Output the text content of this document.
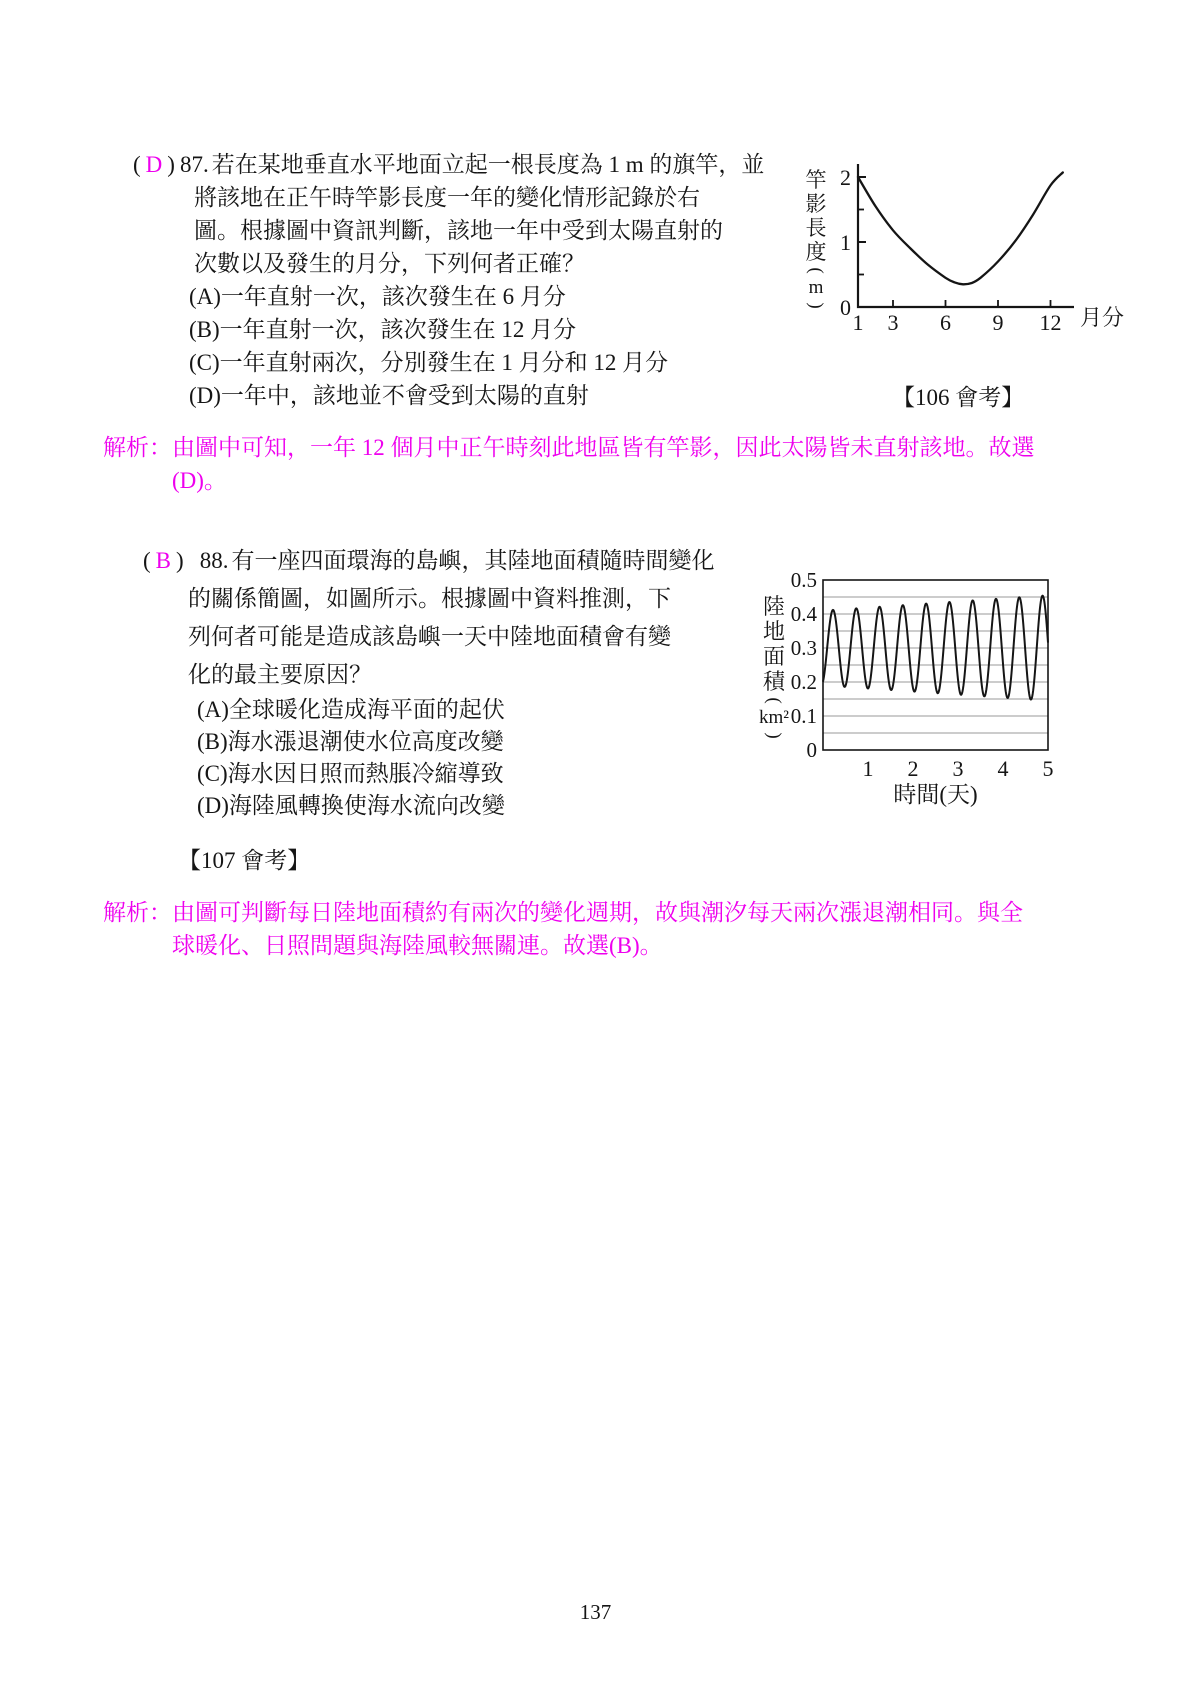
( D ) 87. 若在某地垂直水平地面立起一根長度為 1 m 的旗竿，並
將該地在正午時竿影長度一年的變化情形記錄於右
圖。根據圖中資訊判斷，該地一年中受到太陽直射的
次數以及發生的月分，下列何者正確？
(A)一年直射一次，該次發生在 6 月分
(B)一年直射一次，該次發生在 12 月分
(C)一年直射兩次，分別發生在 1 月分和 12 月分
(D)一年中，該地並不會受到太陽的直射	【106 會考】
竿
影
長
度
(
m
) 0
1
2
1 3 6 9 12 月分
解析：由圖中可知，一年 12 個月中正午時刻此地區皆有竿影，因此太陽皆未直射該地。故選
(D)。
( B ) 88. 有一座四面環海的島嶼，其陸地面積隨時間變化
的關係簡圖，如圖所示。根據圖中資料推測，下
列何者可能是造成該島嶼一天中陸地面積會有變
化的最主要原因？
(A)全球暖化造成海平面的起伏
(B)海水漲退潮使水位高度改變
(C)海水因日照而熱脹冷縮導致
(D)海陸風轉換使海水流向改變
【107 會考】
陸
地
面
積
(
km²
)
0
0.1
0.2
0.3
0.4
0.5
1 2 3 4 5
時間(天)
解析：由圖可判斷每日陸地面積約有兩次的變化週期，故與潮汐每天兩次漲退潮相同。與全
球暖化、日照問題與海陸風較無關連。故選(B)。
137
